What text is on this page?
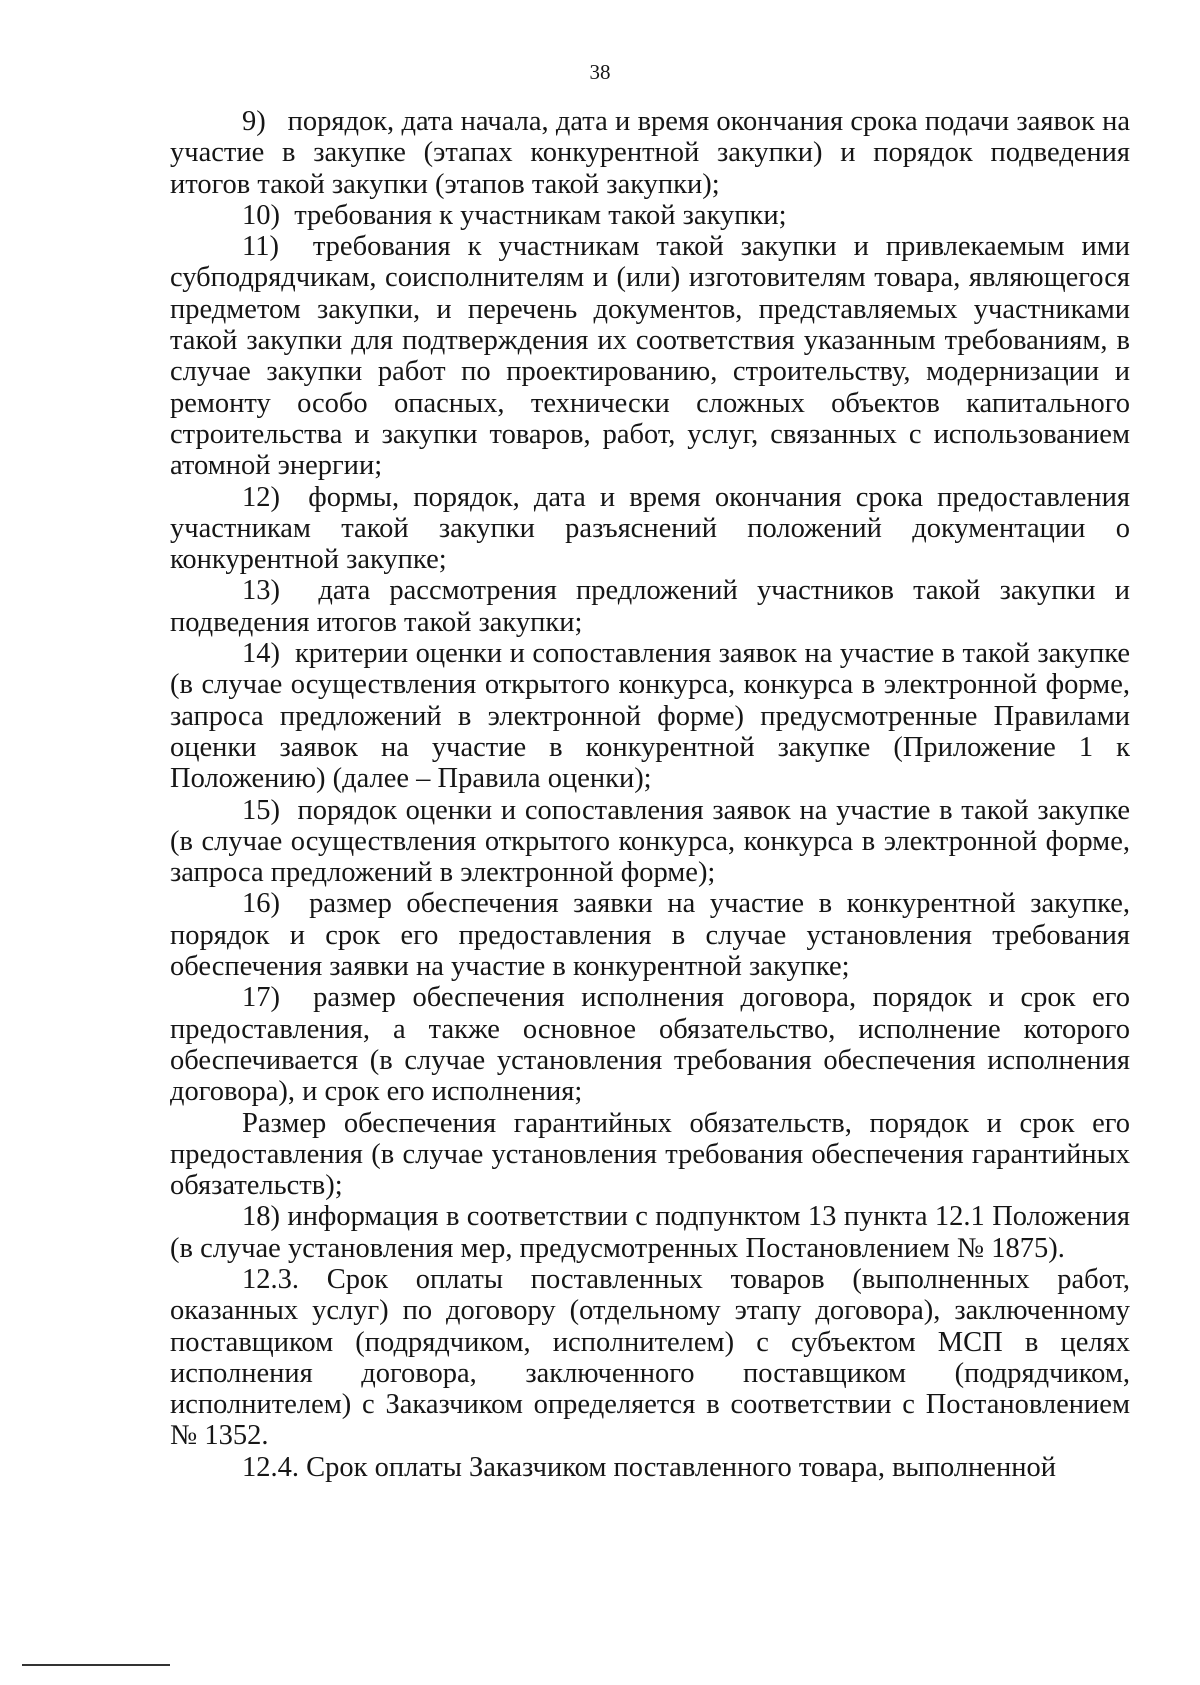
38

9)   порядок, дата начала, дата и время окончания срока подачи заявок на участие в закупке (этапах конкурентной закупки) и порядок подведения итогов такой закупки (этапов такой закупки);

10)  требования к участникам такой закупки;

11)  требования к участникам такой закупки и привлекаемым ими субподрядчикам, соисполнителям и (или) изготовителям товара, являющегося предметом закупки, и перечень документов, представляемых участниками такой закупки для подтверждения их соответствия указанным требованиям, в случае закупки работ по проектированию, строительству, модернизации и ремонту особо опасных, технически сложных объектов капитального строительства и закупки товаров, работ, услуг, связанных с использованием атомной энергии;

12)  формы, порядок, дата и время окончания срока предоставления участникам такой закупки разъяснений положений документации о конкурентной закупке;

13)  дата рассмотрения предложений участников такой закупки и подведения итогов такой закупки;

14)  критерии оценки и сопоставления заявок на участие в такой закупке (в случае осуществления открытого конкурса, конкурса в электронной форме, запроса предложений в электронной форме) предусмотренные Правилами оценки заявок на участие в конкурентной закупке (Приложение 1 к Положению) (далее – Правила оценки);

15)  порядок оценки и сопоставления заявок на участие в такой закупке (в случае осуществления открытого конкурса, конкурса в электронной форме, запроса предложений в электронной форме);

16)  размер обеспечения заявки на участие в конкурентной закупке, порядок и срок его предоставления в случае установления требования обеспечения заявки на участие в конкурентной закупке;

17)  размер обеспечения исполнения договора, порядок и срок его предоставления, а также основное обязательство, исполнение которого обеспечивается (в случае установления требования обеспечения исполнения договора), и срок его исполнения;

Размер обеспечения гарантийных обязательств, порядок и срок его предоставления (в случае установления требования обеспечения гарантийных обязательств);

18) информация в соответствии с подпунктом 13 пункта 12.1 Положения (в случае установления мер, предусмотренных Постановлением № 1875).

12.3. Срок оплаты поставленных товаров (выполненных работ, оказанных услуг) по договору (отдельному этапу договора), заключенному поставщиком (подрядчиком, исполнителем) с субъектом МСП в целях исполнения договора, заключенного поставщиком (подрядчиком, исполнителем) с Заказчиком определяется в соответствии с Постановлением № 1352.

12.4. Срок оплаты Заказчиком поставленного товара, выполненной
